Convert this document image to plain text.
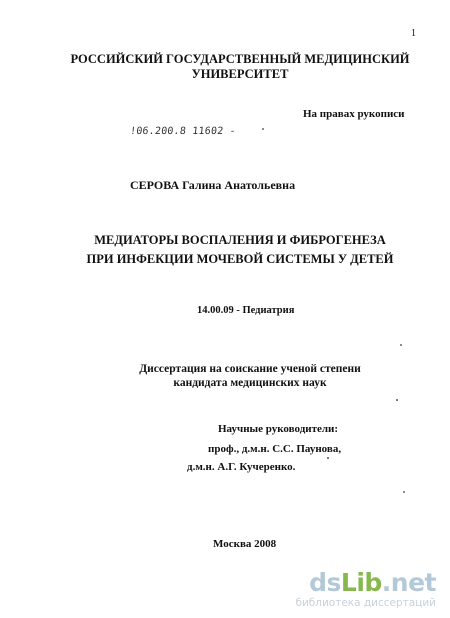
1
РОССИЙСКИЙ ГОСУДАРСТВЕННЫЙ МЕДИЦИНСКИЙ
УНИВЕРСИТЕТ
На правах рукописи
!06.200.8 11602 -
СЕРОВА Галина Анатольевна
МЕДИАТОРЫ ВОСПАЛЕНИЯ И ФИБРОГЕНЕЗА
ПРИ ИНФЕКЦИИ МОЧЕВОЙ СИСТЕМЫ У ДЕТЕЙ
14.00.09 - Педиатрия
Диссертация на соискание ученой степени
кандидата медицинских наук
Научные руководители:
проф., д.м.н. С.С. Паунова,
д.м.н. А.Г. Кучеренко.
Москва 2008
dsLib.net
библиотека диссертаций
